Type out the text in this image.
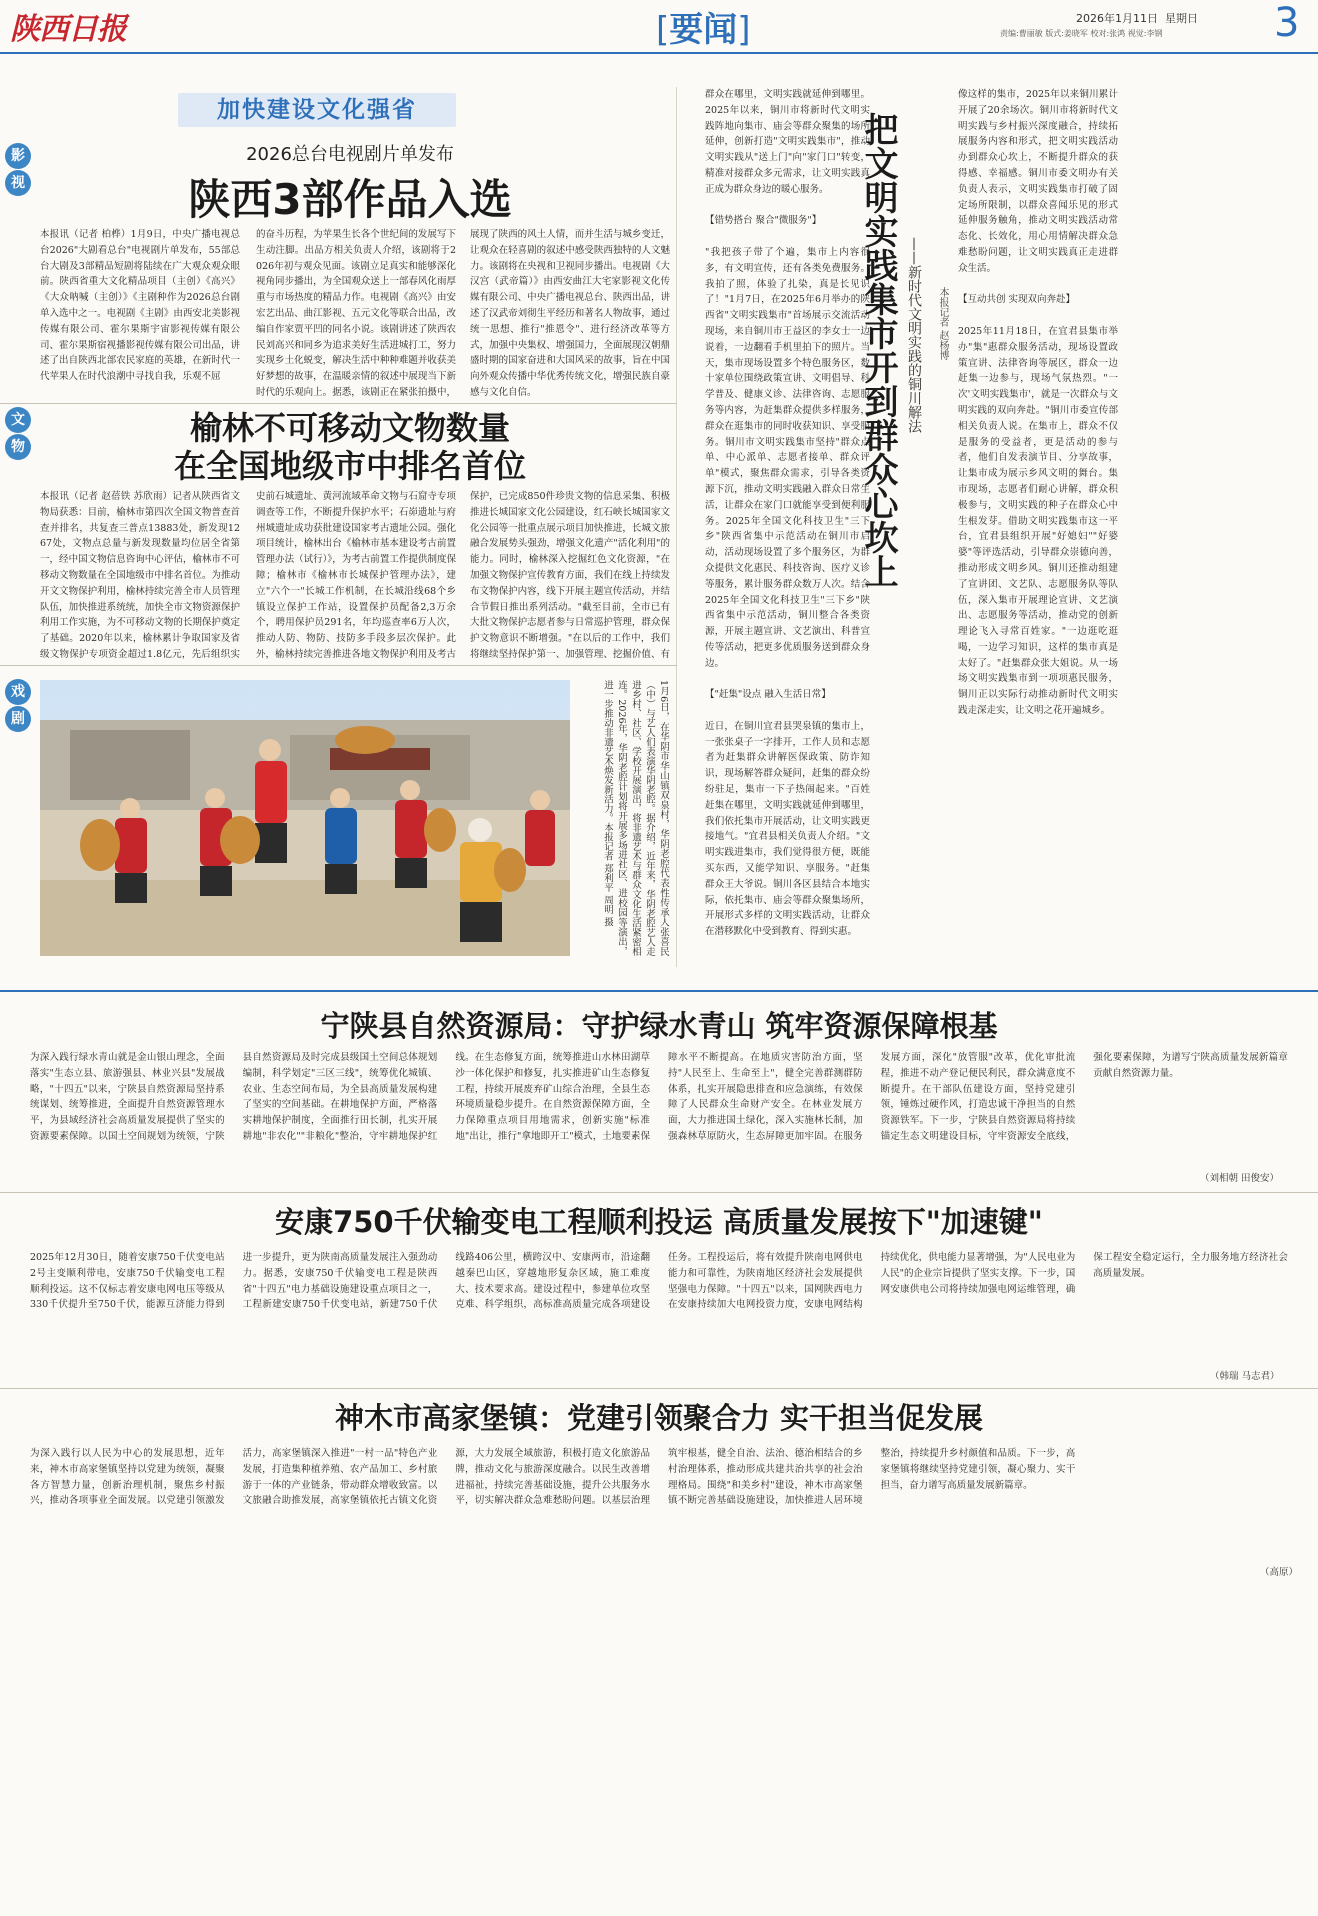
陕西日报	[要闻]	2026年1月11日 星期日
责编:曹丽敏 版式:姜晓军 校对:张鸿 视觉:李钢	3
加快建设文化强省
影
视
2026总台电视剧片单发布
陕西3部作品入选
本报讯（记者 柏桦）1月9日，中央广播电视总台2026"大剧看总台"电视剧片单发布，55部总台大剧及3部精品短剧将陆续在广大观众观众眼前。陕西省重大文化精品项目（主创）《高兴》《大众呐喊（主创）》《主剧种作为2026总台剧单入选中之一。电视剧《主剧》由西安北美影视传媒有限公司、霍尔果斯宇宙影视传媒有限公司、霍尔果斯宿视播影视传媒有限公司出品，讲述了出自陕西北部农民家庭的英雄，在新时代一代苹果人在时代浪潮中寻找自我，乐观不屈
的奋斗历程，为苹果生长各个世纪间的发展写下生动注脚。出品方相关负责人介绍，该剧将于2026年初与观众见面。该剧立足真实和能够深化视角同步播出，为全国观众送上一部春风化雨厚重与市场热度的精品力作。电视剧《高兴》由安宏艺出品、曲江影视、五元文化等联合出品，改编自作家贾平凹的同名小说。该剧讲述了陕西农民刘高兴和同乡为追求美好生活进城打工，努力实现乡土化蜕变，解决生活中种种难题并收获美好梦想的故事，在温暖亲情的叙述中展现当下新时代的乐观向上。据悉，该剧正在紧张拍摄中，
展现了陕西的风土人情，而并生活与城乡变迁，让观众在轻喜剧的叙述中感受陕西独特的人文魅力。该剧将在央视和卫视同步播出。电视剧《大汉宫（武帝篇）》由西安曲江大宅家影视文化传媒有限公司、中央广播电视总台、陕西出品，讲述了汉武帝刘彻生平经历和著名人物故事，通过统一思想、推行"推恩令"、进行经济改革等方式，加强中央集权、增强国力，全面展现汉朝鼎盛时期的国家奋进和大国风采的故事，旨在中国向外观众传播中华优秀传统文化，增强民族自豪感与文化自信。
文
物	榆林不可移动文物数量
在全国地级市中排名首位
本报讯（记者 赵蓓铁 苏欣雨）记者从陕西省文物局获悉：目前，榆林市第四次全国文物普查首查并排名，共复查三普点13883处，新发现1267处，文物点总量与新发现数量均位居全省第一，经中国文物信息咨询中心评估，榆林市不可移动文物数量在全国地级市中排名首位。为推动开文文物保护利用，榆林持续完善全市人员管理队伍，加快推进系统统，加快全市文物资源保护利用工作实施，为不可移动文物的长期保护奠定了基础。2020年以来，榆林累计争取国家及省级文物保护专项资金超过1.8亿元，先后组织实
史前石城遗址、黄河流域革命文物与石窟寺专项调查等工作，不断提升保护水平；石峁遗址与府州城遗址成功获批建设国家考古遗址公园。强化项目统计，榆林出台《榆林市基本建设考古前置管理办法（试行）》，为考古前置工作提供制度保障；榆林市《榆林市长城保护管理办法》，建立"六个一"长城工作机制，在长城沿线68个乡镇设立保护工作站，设置保护员配备2,3万余个，聘用保护员291名，年均巡查率6万人次，推动人防、物防、技防多手段多层次保护。此外，榆林持续完善推进各地文物保护利用及考古
保护，已完成850件珍贵文物的信息采集、积极推进长城国家文化公园建设，红石峡长城国家文化公园等一批重点展示项目加快推进，长城文旅融合发展势头强劲，增强文化遗产"活化利用"的能力。同时，榆林深入挖掘红色文化资源，"在加强文物保护宣传教育方面，我们在线上持续发布文物保护内容，线下开展主题宣传活动，并结合节假日推出系列活动。"截至目前，全市已有大批文物保护志愿者参与日常巡护管理，群众保护文物意识不断增强。"在以后的工作中，我们将继续坚持保护第一、加强管理、挖掘价值、有
戏
剧	1月6日，在华阴市华山镇双泉村，华阴老腔代表性传承人张喜民（中）与艺人们表演华阴老腔。据介绍，近年来，华阴老腔艺人走进乡村、社区、学校开展演出，将非遗艺术与群众文化生活紧密相连。2026年，华阴老腔计划将开展多场进社区、进校园等演出，进一步推动非遗艺术焕发新活力。本报记者 郑利平 周明 摄
群众在哪里，文明实践就延伸到哪里。2025年以来，铜川市将新时代文明实践阵地向集市、庙会等群众聚集的场所延伸，创新打造"文明实践集市"，推动文明实践从"送上门"向"家门口"转变，精准对接群众多元需求，让文明实践真正成为群众身边的暖心服务。

【错势搭台 聚合"微服务"】

"我把孩子带了个遍，集市上内容很多，有文明宣传，还有各类免费服务。我拍了照，体验了扎染，真是长见识了！"1月7日，在2025年6月举办的陕西省"文明实践集市"首场展示交流活动现场，来自铜川市王益区的李女士一边说着，一边翻看手机里拍下的照片。当天，集市现场设置多个特色服务区，数十家单位围绕政策宣讲、文明倡导、科学普及、健康义诊、法律咨询、志愿服务等内容，为赶集群众提供多样服务，群众在逛集市的同时收获知识、享受服务。铜川市文明实践集市坚持"群众点单、中心派单、志愿者接单、群众评单"模式，聚焦群众需求，引导各类资源下沉，推动文明实践融入群众日常生活，让群众在家门口就能享受到便利服务。2025年全国文化科技卫生"三下乡"陕西省集中示范活动在铜川市启动，活动现场设置了多个服务区，为群众提供文化惠民、科技咨询、医疗义诊等服务，累计服务群众数万人次。结合2025年全国文化科技卫生"三下乡"陕西省集中示范活动，铜川整合各类资源，开展主题宣讲、文艺演出、科普宣传等活动，把更多优质服务送到群众身边。

【"赶集"设点 融入生活日常】

近日，在铜川宜君县哭泉镇的集市上，一张张桌子一字排开，工作人员和志愿者为赶集群众讲解医保政策、防诈知识，现场解答群众疑问，赶集的群众纷纷驻足，集市一下子热闹起来。"百姓赶集在哪里，文明实践就延伸到哪里，我们依托集市开展活动，让文明实践更接地气。"宜君县相关负责人介绍。"文明实践进集市，我们觉得很方便，既能买东西，又能学知识、享服务。"赶集群众王大爷说。铜川各区县结合本地实际，依托集市、庙会等群众聚集场所，开展形式多样的文明实践活动，让群众在潜移默化中受到教育、得到实惠。
把文明实践集市开到群众心坎上 ——新时代文明实践的铜川解法	本报记者 赵杨博
像这样的集市，2025年以来铜川累计开展了20余场次。铜川市将新时代文明实践与乡村振兴深度融合，持续拓展服务内容和形式，把文明实践活动办到群众心坎上，不断提升群众的获得感、幸福感。铜川市委文明办有关负责人表示，文明实践集市打破了固定场所限制，以群众喜闻乐见的形式延伸服务触角，推动文明实践活动常态化、长效化，用心用情解决群众急难愁盼问题，让文明实践真正走进群众生活。

【互动共创 实现双向奔赴】

2025年11月18日，在宜君县集市举办"集"惠群众服务活动，现场设置政策宣讲、法律咨询等展区，群众一边赶集一边参与，现场气氛热烈。"一次'文明实践集市'，就是一次群众与文明实践的双向奔赴。"铜川市委宣传部相关负责人说。在集市上，群众不仅是服务的受益者，更是活动的参与者，他们自发表演节目、分享故事，让集市成为展示乡风文明的舞台。集市现场，志愿者们耐心讲解，群众积极参与，文明实践的种子在群众心中生根发芽。借助文明实践集市这一平台，宜君县组织开展"好媳妇""好婆婆"等评选活动，引导群众崇德向善，推动形成文明乡风。铜川还推动组建了宣讲团、文艺队、志愿服务队等队伍，深入集市开展理论宣讲、文艺演出、志愿服务等活动，推动党的创新理论飞入寻常百姓家。"一边逛吃逛喝，一边学习知识，这样的集市真是太好了。"赶集群众张大姐说。从一场场文明实践集市到一项项惠民服务，铜川正以实际行动推动新时代文明实践走深走实，让文明之花开遍城乡。
宁陕县自然资源局：守护绿水青山 筑牢资源保障根基
为深入践行绿水青山就是金山银山理念，全面落实"生态立县、旅游强县、林业兴县"发展战略，"十四五"以来，宁陕县自然资源局坚持系统谋划、统筹推进，全面提升自然资源管理水平，为县域经济社会高质量发展提供了坚实的资源要素保障。以国土空间规划为统领，宁陕县自然资源局及时完成县级国土空间总体规划编制，科学划定"三区三线"，统筹优化城镇、农业、生态空间布局，为全县高质量发展构建了坚实的空间基础。在耕地保护方面，严格落实耕地保护制度，全面推行田长制，扎实开展耕地"非农化""非粮化"整治，守牢耕地保护红线。在生态修复方面，统筹推进山水林田湖草沙一体化保护和修复，扎实推进矿山生态修复工程，持续开展废弃矿山综合治理，全县生态环境质量稳步提升。在自然资源保障方面，全力保障重点项目用地需求，创新实施"标准地"出让，推行"拿地即开工"模式，土地要素保障水平不断提高。在地质灾害防治方面，坚持"人民至上、生命至上"，健全完善群测群防体系，扎实开展隐患排查和应急演练，有效保障了人民群众生命财产安全。在林业发展方面，大力推进国土绿化，深入实施林长制，加强森林草原防火，生态屏障更加牢固。在服务发展方面，深化"放管服"改革，优化审批流程，推进不动产登记便民利民，群众满意度不断提升。在干部队伍建设方面，坚持党建引领，锤炼过硬作风，打造忠诚干净担当的自然资源铁军。下一步，宁陕县自然资源局将持续锚定生态文明建设目标，守牢资源安全底线，强化要素保障，为谱写宁陕高质量发展新篇章贡献自然资源力量。
（刘相朝 田俊安）
安康750千伏输变电工程顺利投运 高质量发展按下"加速键"
2025年12月30日，随着安康750千伏变电站2号主变顺利带电，安康750千伏输变电工程顺利投运。这不仅标志着安康电网电压等级从330千伏提升至750千伏，能源互济能力得到进一步提升，更为陕南高质量发展注入强劲动力。据悉，安康750千伏输变电工程是陕西省"十四五"电力基础设施建设重点项目之一，工程新建安康750千伏变电站，新建750千伏线路406公里，横跨汉中、安康两市，沿途翻越秦巴山区，穿越地形复杂区域，施工难度大、技术要求高。建设过程中，参建单位攻坚克难、科学组织，高标准高质量完成各项建设任务。工程投运后，将有效提升陕南电网供电能力和可靠性，为陕南地区经济社会发展提供坚强电力保障。"十四五"以来，国网陕西电力在安康持续加大电网投资力度，安康电网结构持续优化，供电能力显著增强，为"人民电业为人民"的企业宗旨提供了坚实支撑。下一步，国网安康供电公司将持续加强电网运维管理，确保工程安全稳定运行，全力服务地方经济社会高质量发展。
（韩瑞 马志君）
神木市高家堡镇：党建引领聚合力 实干担当促发展
为深入践行以人民为中心的发展思想，近年来，神木市高家堡镇坚持以党建为统领，凝聚各方智慧力量，创新治理机制，聚焦乡村振兴，推动各项事业全面发展。以党建引领激发活力，高家堡镇深入推进"一村一品"特色产业发展，打造集种植养殖、农产品加工、乡村旅游于一体的产业链条，带动群众增收致富。以文旅融合助推发展，高家堡镇依托古镇文化资源，大力发展全域旅游，积极打造文化旅游品牌，推动文化与旅游深度融合。以民生改善增进福祉，持续完善基础设施，提升公共服务水平，切实解决群众急难愁盼问题。以基层治理筑牢根基，健全自治、法治、德治相结合的乡村治理体系，推动形成共建共治共享的社会治理格局。围绕"和美乡村"建设，神木市高家堡镇不断完善基础设施建设，加快推进人居环境整治，持续提升乡村颜值和品质。下一步，高家堡镇将继续坚持党建引领，凝心聚力、实干担当，奋力谱写高质量发展新篇章。
（高原）
